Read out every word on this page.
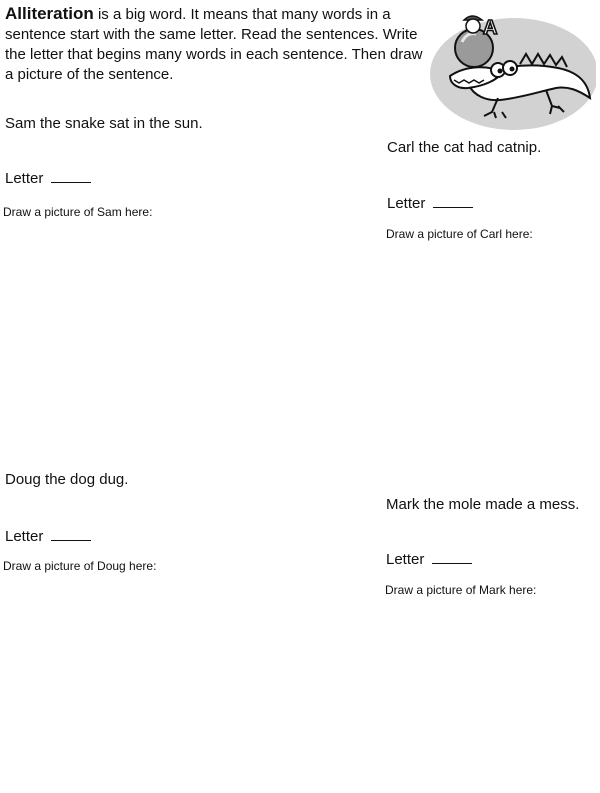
Alliteration is a big word. It means that many words in a sentence start with the same letter. Read the sentences. Write the letter that begins many words in each sentence. Then draw a picture of the sentence.

A

Sam the snake sat in the sun.

Letter

Draw a picture of Sam here:

Carl the cat had catnip.

Letter

Draw a picture of Carl here:

Doug the dog dug.

Letter

Draw a picture of Doug here:

Mark the mole made a mess.

Letter

Draw a picture of Mark here:
